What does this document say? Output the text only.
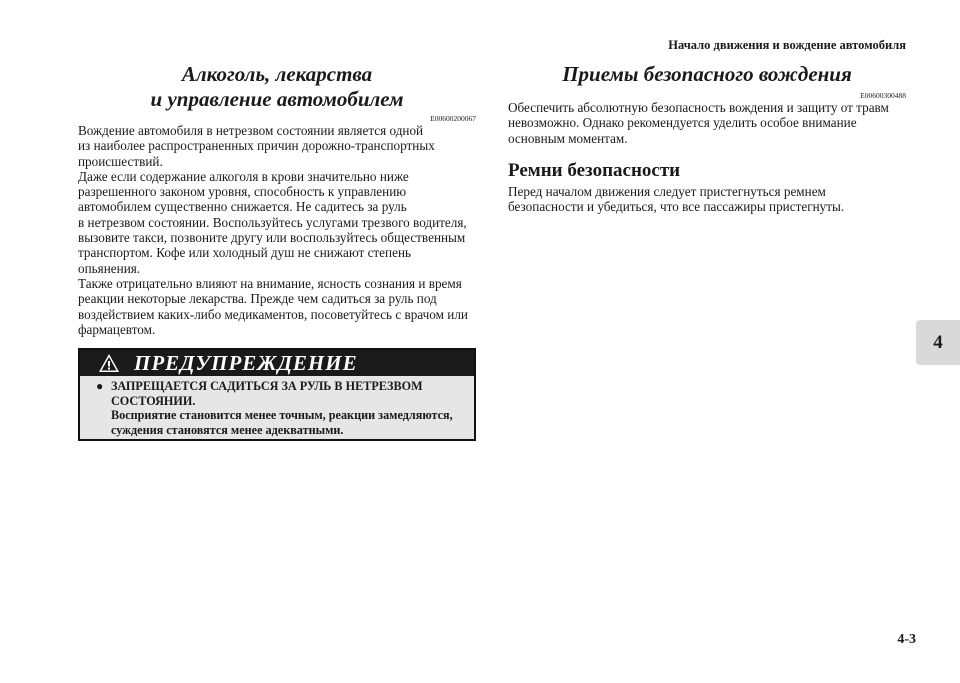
Начало движения и вождение автомобиля
4
Алкоголь, лекарства
и управление автомобилем
E00600200067

Вождение автомобиля в нетрезвом состоянии является одной

из наиболее распространенных причин дорожно-транспортных

происшествий.

Даже если содержание алкоголя в крови значительно ниже

разрешенного законом уровня, способность к управлению

автомобилем существенно снижается. Не садитесь за руль

в нетрезвом состоянии. Воспользуйтесь услугами трезвого водителя,

вызовите такси, позвоните другу или воспользуйтесь общественным

транспортом. Кофе или холодный душ не снижают степень

опьянения.

Также отрицательно влияют на внимание, ясность сознания и время

реакции некоторые лекарства. Прежде чем садиться за руль под

воздействием каких-либо медикаментов, посоветуйтесь с врачом или

фармацевтом.

ПРЕДУПРЕЖДЕНИЕ
● ЗАПРЕЩАЕТСЯ САДИТЬСЯ ЗА РУЛЬ В НЕТРЕЗВОМ
СОСТОЯНИИ.
Восприятие становится менее точным, реакции замедляются,
суждения становятся менее адекватными.
Приемы безопасного вождения
E00600300488

Обеспечить абсолютную безопасность вождения и защиту от травм

невозможно. Однако рекомендуется уделить особое внимание

основным моментам.

Ремни безопасности

Перед началом движения следует пристегнуться ремнем

безопасности и убедиться, что все пассажиры пристегнуты.

4-3
